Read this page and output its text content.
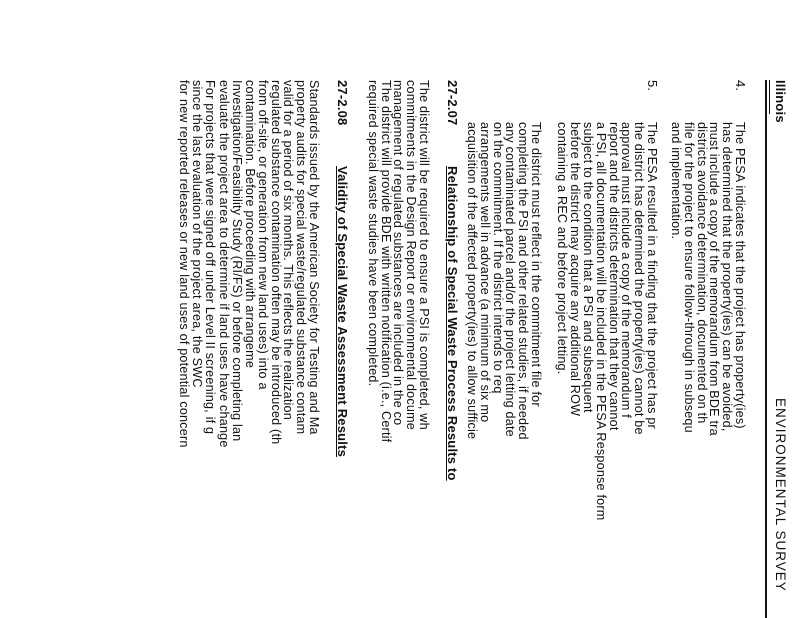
Illinois
ENVIRONMENTAL SURVEY
4.
The PESA indicates that the project has property(ies)
has determined that the property(ies) can be avoided,
must include a copy of the memorandum from BDE tra
districts avoidance determination, documented on th
file for the project to ensure follow-through in subsequ
and implementation.
5.
The PESA resulted in a finding that the project has pr
the district has determined the property(ies) cannot be
approval must include a copy of the memorandum f
report and the districts determination that they cannot
a PSI, all documentation will be included in the PESA Response form
subject to the condition that a PSI and subsequent
before the district may acquire any additional ROW
containing a REC and before project letting.
The district must reflect in the commitment file for
completing the PSI and other related studies, if needed
any contaminated parcel and/or the project letting date
on the commitment. If the district intends to req
arrangements well in advance (a minimum of six mo
acquisition of the affected property(ies) to allow sufficie
27-2.07Relationship of Special Waste Process Results to
The district will be required to ensure a PSI is completed, wh
commitments in the Design Report or environmental docume
management of regulated substances are included in the co
The district will provide BDE with written notification (i.e., Certif
required special waste studies have been completed.
27-2.08Validity of Special Waste Assessment Results
Standards issued by the American Society for Testing and Ma
property audits for special waste/regulated substance contam
valid for a period of six months. This reflects the realization
regulated substance contamination often may be introduced (th
from off-site, or generation from new land uses) into a
contamination. Before proceeding with arrangeme
Investigation/Feasibility Study (RI/FS) or before completing lan
evaluate the project area to determine if land uses have change
For projects that were signed off under Level II screening, if g
since the last evaluation of the project area, the SWC
for new reported releases or new land uses of potential concern
